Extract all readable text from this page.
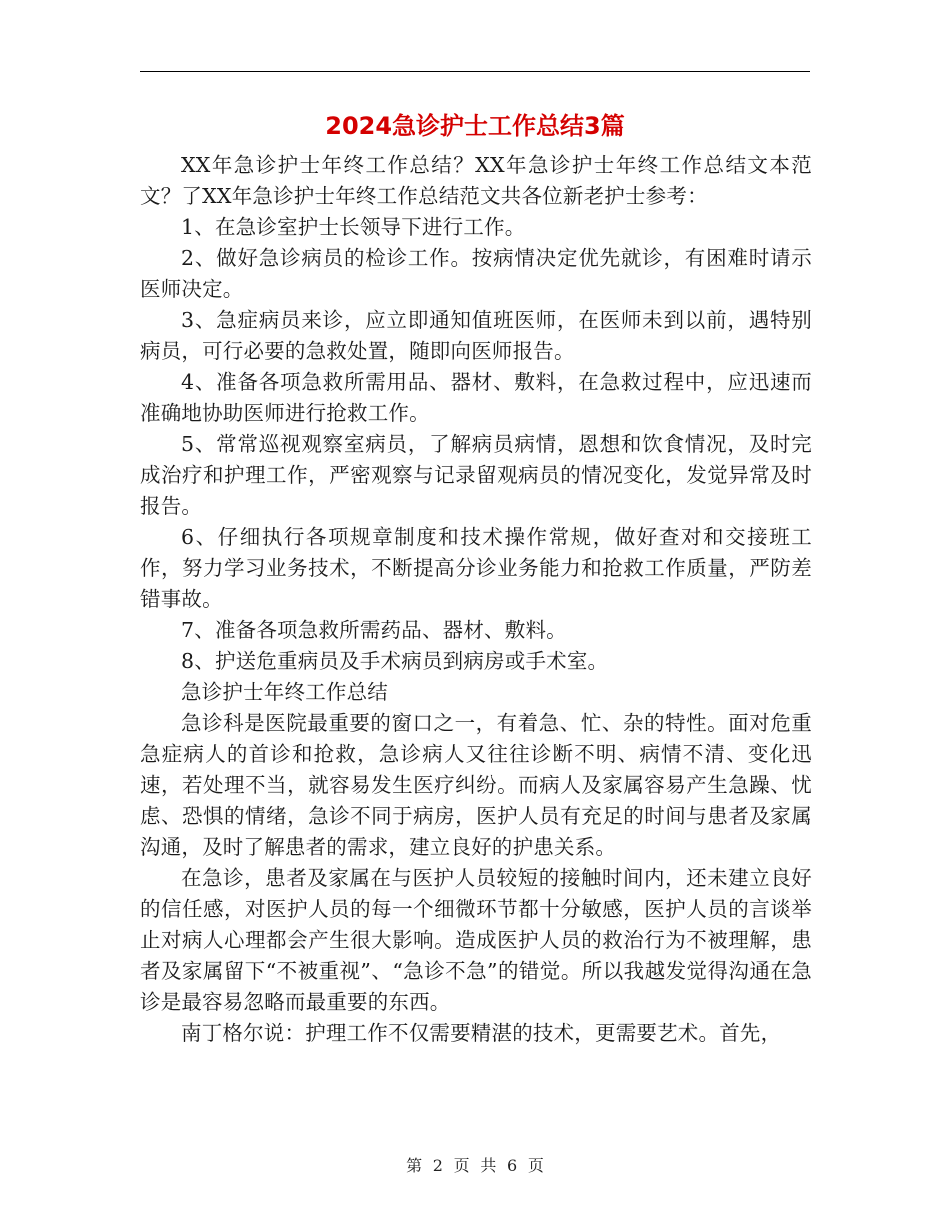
2024急诊护士工作总结3篇

XX年急诊护士年终工作总结？XX年急诊护士年终工作总结文本范文？了XX年急诊护士年终工作总结范文共各位新老护士参考：

1、在急诊室护士长领导下进行工作。

2、做好急诊病员的检诊工作。按病情决定优先就诊，有困难时请示医师决定。

3、急症病员来诊，应立即通知值班医师，在医师未到以前，遇特别病员，可行必要的急救处置，随即向医师报告。

4、准备各项急救所需用品、器材、敷料，在急救过程中，应迅速而准确地协助医师进行抢救工作。

5、常常巡视观察室病员，了解病员病情，恩想和饮食情况，及时完成治疗和护理工作，严密观察与记录留观病员的情况变化，发觉异常及时报告。

6、仔细执行各项规章制度和技术操作常规，做好查对和交接班工作，努力学习业务技术，不断提高分诊业务能力和抢救工作质量，严防差错事故。

7、准备各项急救所需药品、器材、敷料。

8、护送危重病员及手术病员到病房或手术室。

急诊护士年终工作总结

急诊科是医院最重要的窗口之一，有着急、忙、杂的特性。面对危重急症病人的首诊和抢救，急诊病人又往往诊断不明、病情不清、变化迅速，若处理不当，就容易发生医疗纠纷。而病人及家属容易产生急躁、忧虑、恐惧的情绪，急诊不同于病房，医护人员有充足的时间与患者及家属沟通，及时了解患者的需求，建立良好的护患关系。

在急诊，患者及家属在与医护人员较短的接触时间内，还未建立良好的信任感，对医护人员的每一个细微环节都十分敏感，医护人员的言谈举止对病人心理都会产生很大影响。造成医护人员的救治行为不被理解，患者及家属留下“不被重视”、“急诊不急”的错觉。所以我越发觉得沟通在急诊是最容易忽略而最重要的东西。

南丁格尔说：护理工作不仅需要精湛的技术，更需要艺术。首先，

第 2 页 共 6 页
